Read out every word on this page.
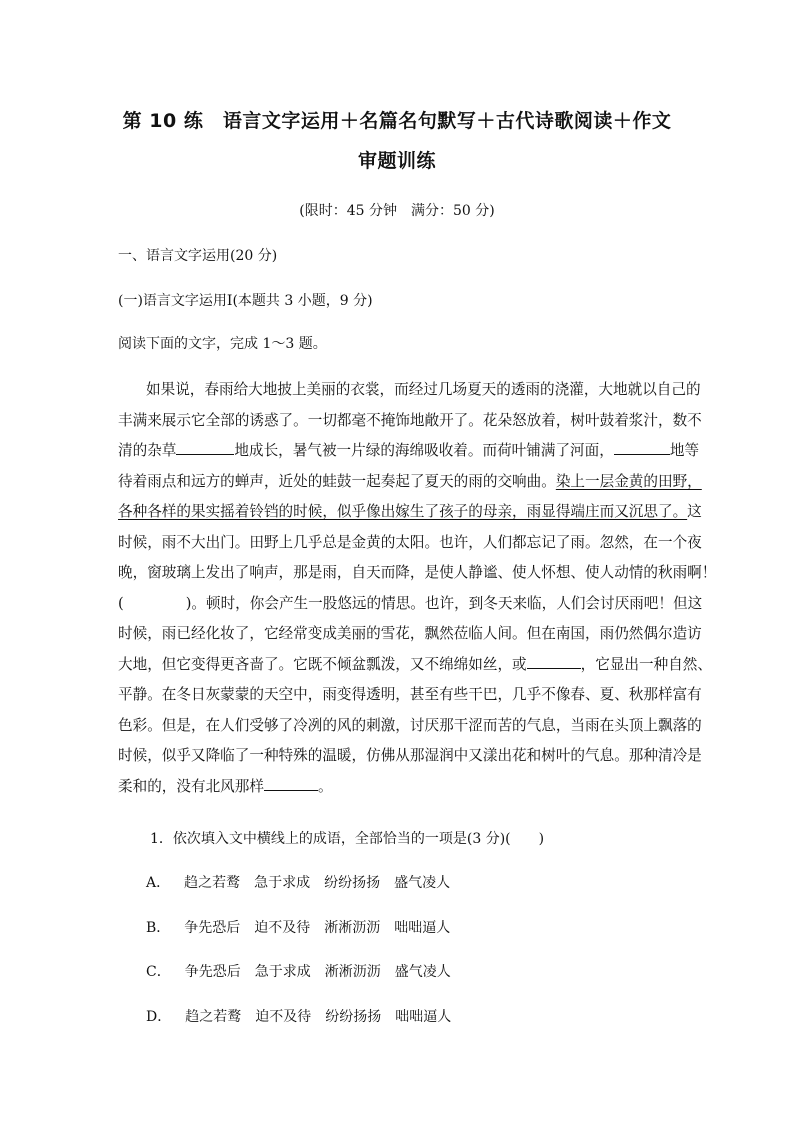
第 10 练　语言文字运用＋名篇名句默写＋古代诗歌阅读＋作文
审题训练
(限时：45 分钟　满分：50 分)
一、语言文字运用(20 分)
(一)语言文字运用Ⅰ(本题共 3 小题，9 分)
阅读下面的文字，完成 1～3 题。
如果说，春雨给大地披上美丽的衣裳，而经过几场夏天的透雨的浇灌，大地就以自己的
丰满来展示它全部的诱惑了。一切都毫不掩饰地敞开了。花朵怒放着，树叶鼓着浆汁，数不
清的杂草	地成长，暑气被一片绿的海绵吸收着。而荷叶铺满了河面，	地等
待着雨点和远方的蝉声，近处的蛙鼓一起奏起了夏天的雨的交响曲。染上一层金黄的田野，
各种各样的果实摇着铃铛的时候，似乎像出嫁生了孩子的母亲，雨显得端庄而又沉思了。这
时候，雨不大出门。田野上几乎总是金黄的太阳。也许，人们都忘记了雨。忽然，在一个夜
晚，窗玻璃上发出了响声，那是雨，自天而降，是使人静谧、使人怀想、使人动情的秋雨啊！
(	)。顿时，你会产生一股悠远的情思。也许，到冬天来临，人们会讨厌雨吧！但这
时候，雨已经化妆了，它经常变成美丽的雪花，飘然莅临人间。但在南国，雨仍然偶尔造访
大地，但它变得更吝啬了。它既不倾盆瓢泼，又不绵绵如丝，或	，它显出一种自然、
平静。在冬日灰蒙蒙的天空中，雨变得透明，甚至有些干巴，几乎不像春、夏、秋那样富有
色彩。但是，在人们受够了冷冽的风的刺激，讨厌那干涩而苦的气息，当雨在头顶上飘落的
时候，似乎又降临了一种特殊的温暖，仿佛从那湿润中又漾出花和树叶的气息。那种清冷是
柔和的，没有北风那样	。
1．依次填入文中横线上的成语，全部恰当的一项是(3 分)(　　)
A． 趋之若鹜 急于求成 纷纷扬扬 盛气凌人
B． 争先恐后 迫不及待 淅淅沥沥 咄咄逼人
C． 争先恐后 急于求成 淅淅沥沥 盛气凌人
D． 趋之若鹜 迫不及待 纷纷扬扬 咄咄逼人
